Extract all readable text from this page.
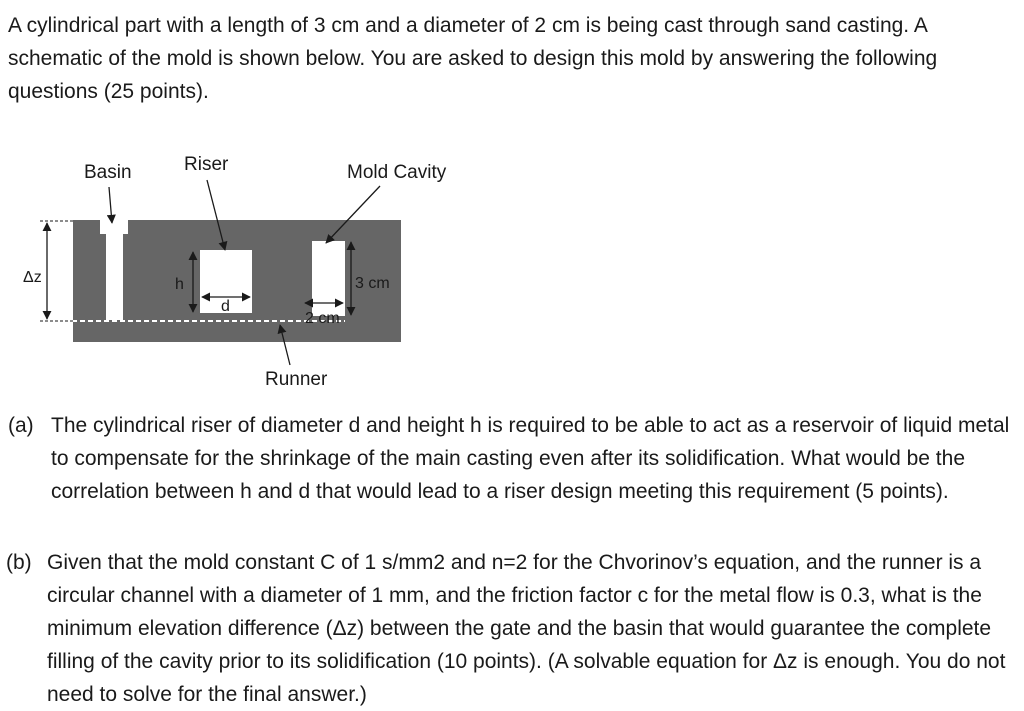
A cylindrical part with a length of 3 cm and a diameter of 2 cm is being cast through sand casting. A schematic of the mold is shown below. You are asked to design this mold by answering the following questions (25 points).

Δz	h
d
2 cm
3 cm
Basin	Riser	Mold Cavity
Runner
(a) The cylindrical riser of diameter d and height h is required to be able to act as a reservoir of liquid metal to compensate for the shrinkage of the main casting even after its solidification. What would be the correlation between h and d that would lead to a riser design meeting this requirement (5 points).
(b) Given that the mold constant C of 1 s/mm2 and n=2 for the Chvorinov’s equation, and the runner is a circular channel with a diameter of 1 mm, and the friction factor c for the metal flow is 0.3, what is the minimum elevation difference (Δz) between the gate and the basin that would guarantee the complete filling of the cavity prior to its solidification (10 points). (A solvable equation for Δz is enough. You do not need to solve for the final answer.)
